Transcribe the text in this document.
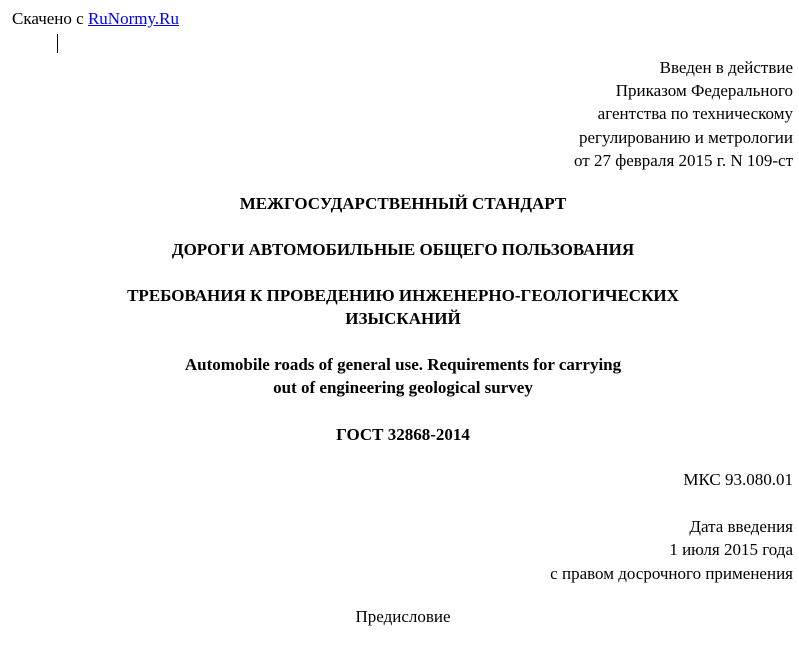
Скачено с RuNormy.Ru
Введен в действие
Приказом Федерального
агентства по техническому
регулированию и метрологии
от 27 февраля 2015 г. N 109-ст
МЕЖГОСУДАРСТВЕННЫЙ СТАНДАРТ
ДОРОГИ АВТОМОБИЛЬНЫЕ ОБЩЕГО ПОЛЬЗОВАНИЯ
ТРЕБОВАНИЯ К ПРОВЕДЕНИЮ ИНЖЕНЕРНО-ГЕОЛОГИЧЕСКИХ
ИЗЫСКАНИЙ
Automobile roads of general use. Requirements for carrying
out of engineering geological survey
ГОСТ 32868-2014
МКС 93.080.01
Дата введения
1 июля 2015 года
с правом досрочного применения
Предисловие
